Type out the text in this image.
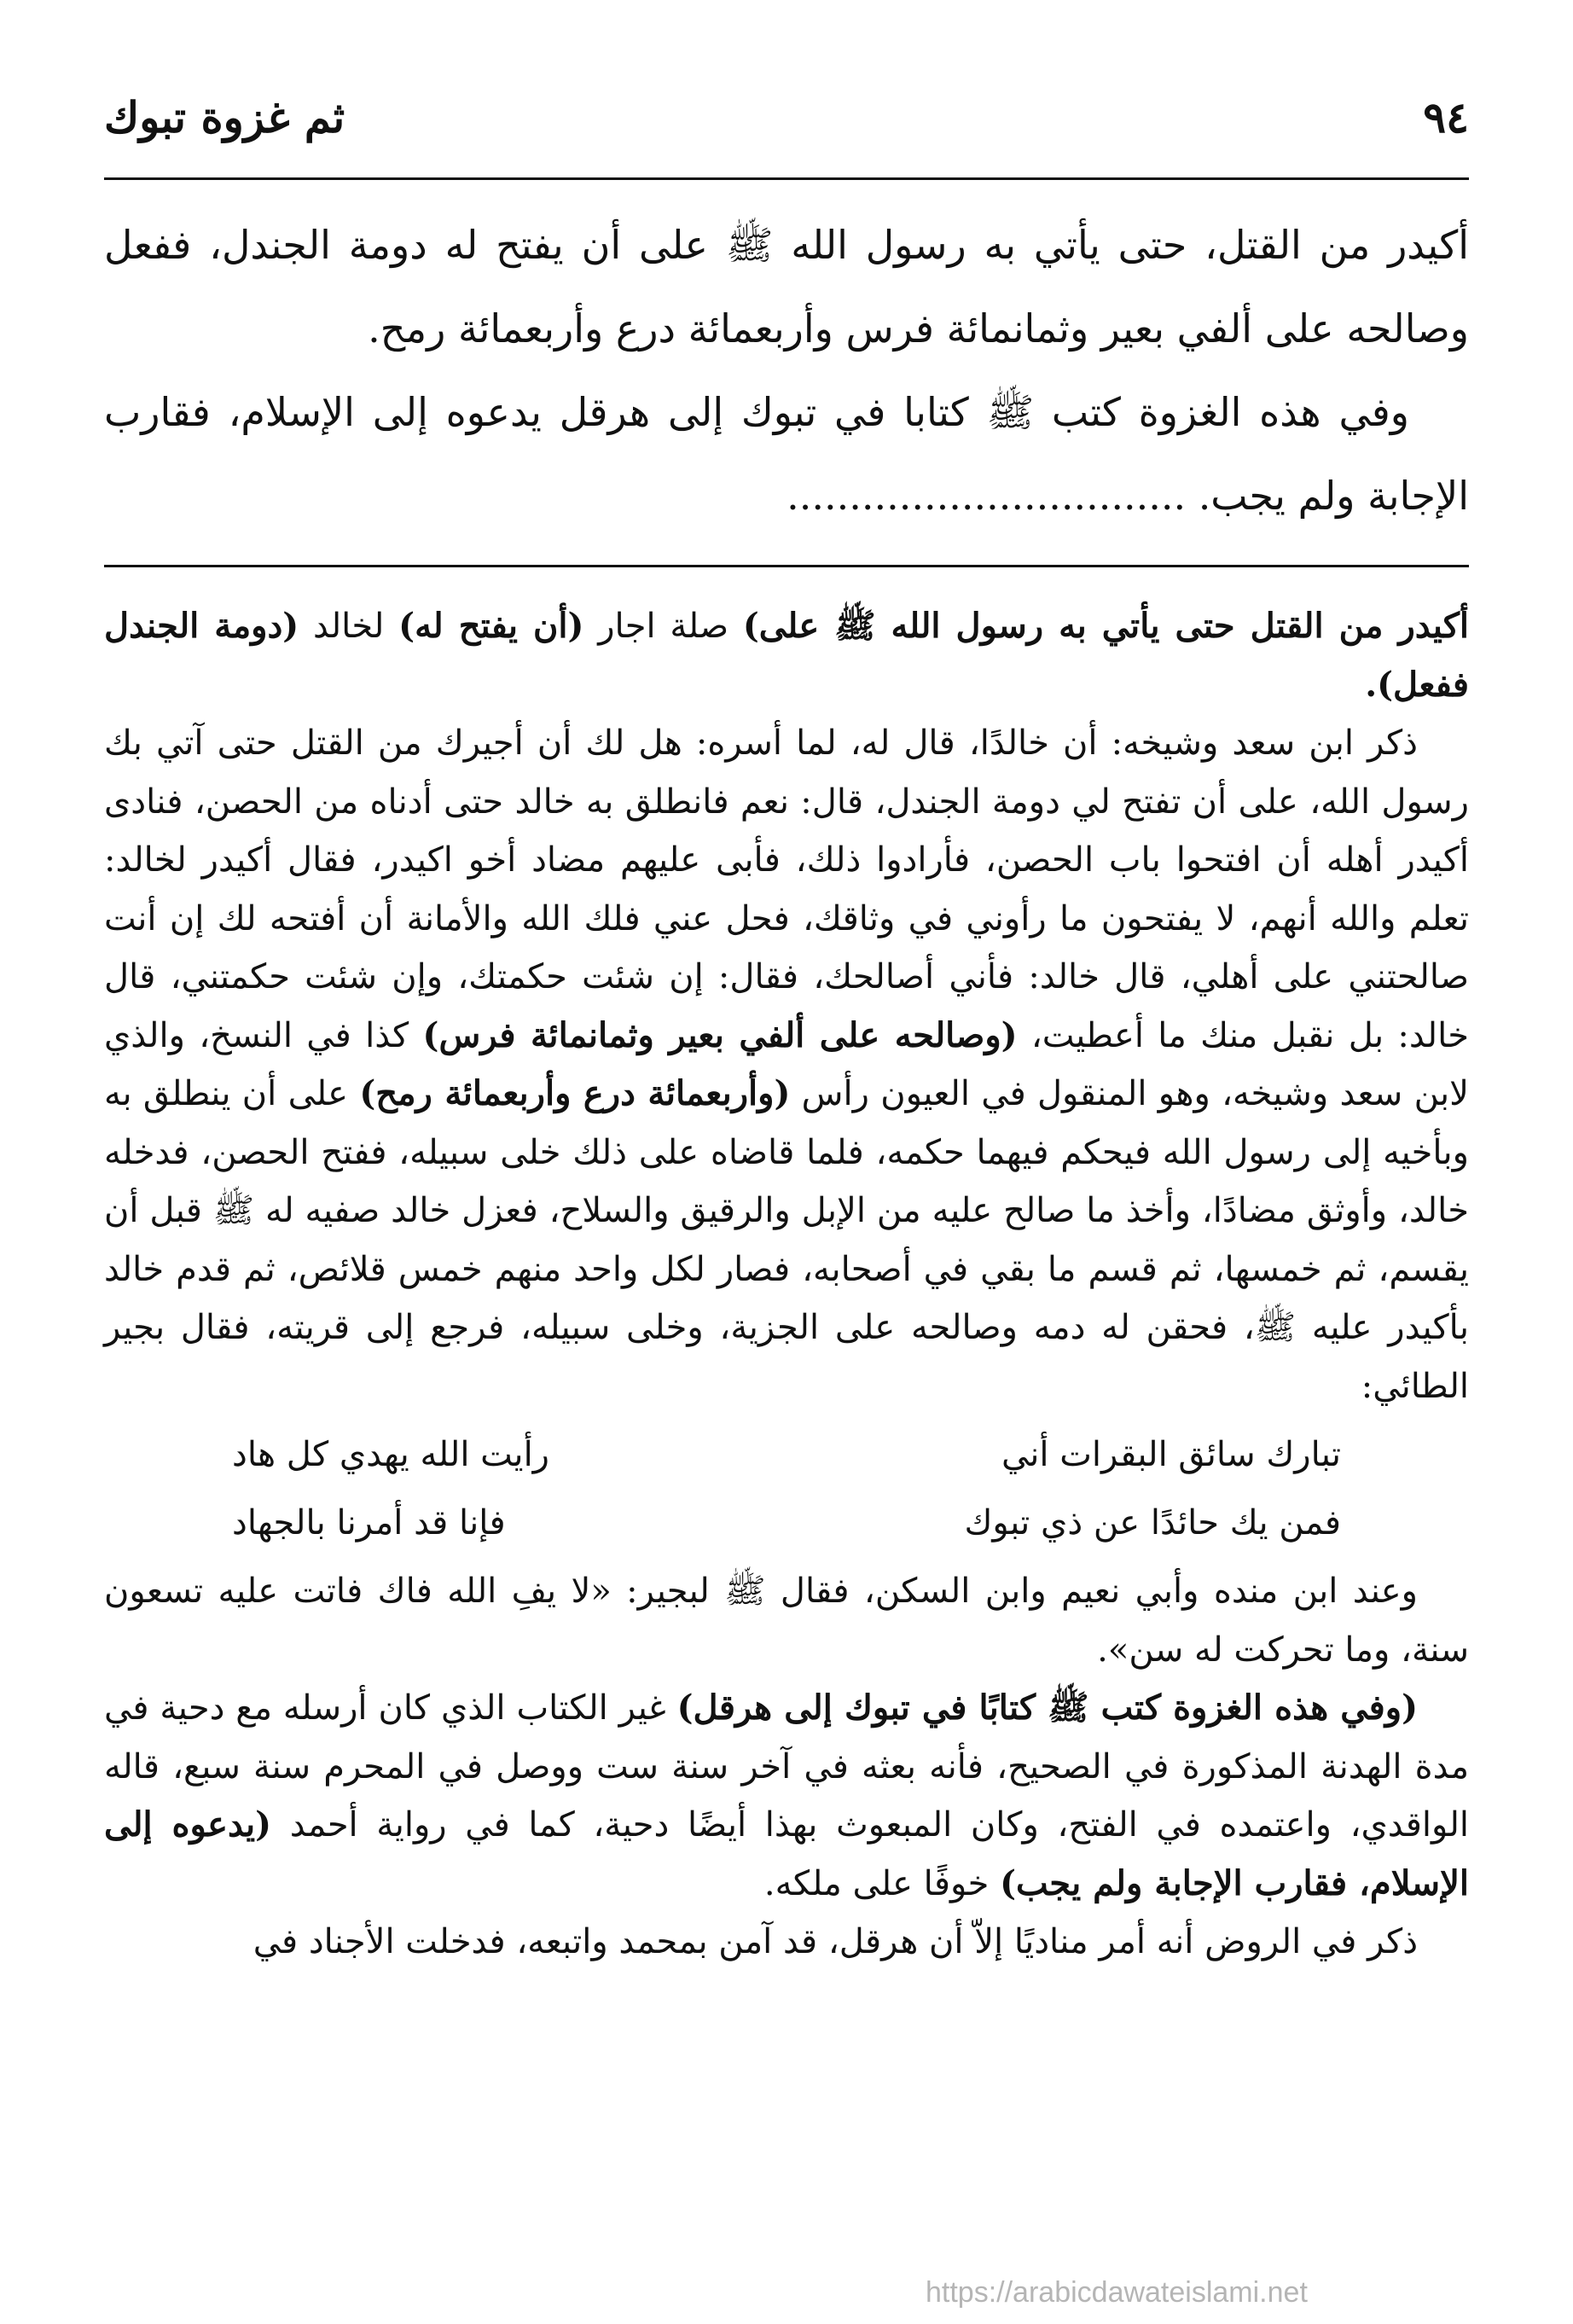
٩٤
ثم غزوة تبوك

أكيدر من القتل، حتى يأتي به رسول الله ﷺ على أن يفتح له دومة الجندل، ففعل وصالحه على ألفي بعير وثمانمائة فرس وأربعمائة درع وأربعمائة رمح.

وفي هذه الغزوة كتب ﷺ كتابا في تبوك إلى هرقل يدعوه إلى الإسلام، فقارب الإجابة ولم يجب. ................................

أكيدر من القتل حتى يأتي به رسول الله ﷺ على) صلة اجار (أن يفتح له) لخالد (دومة الجندل ففعل).

ذكر ابن سعد وشيخه: أن خالدًا، قال له، لما أسره: هل لك أن أجيرك من القتل حتى آتي بك رسول الله، على أن تفتح لي دومة الجندل، قال: نعم فانطلق به خالد حتى أدناه من الحصن، فنادى أكيدر أهله أن افتحوا باب الحصن، فأرادوا ذلك، فأبى عليهم مضاد أخو اكيدر، فقال أكيدر لخالد: تعلم والله أنهم، لا يفتحون ما رأوني في وثاقك، فحل عني فلك الله والأمانة أن أفتحه لك إن أنت صالحتني على أهلي، قال خالد: فأني أصالحك، فقال: إن شئت حكمتك، وإن شئت حكمتني، قال خالد: بل نقبل منك ما أعطيت، (وصالحه على ألفي بعير وثمانمائة فرس) كذا في النسخ، والذي لابن سعد وشيخه، وهو المنقول في العيون رأس (وأربعمائة درع وأربعمائة رمح) على أن ينطلق به وبأخيه إلى رسول الله فيحكم فيهما حكمه، فلما قاضاه على ذلك خلى سبيله، ففتح الحصن، فدخله خالد، وأوثق مضادًا، وأخذ ما صالح عليه من الإبل والرقيق والسلاح، فعزل خالد صفيه له ﷺ قبل أن يقسم، ثم خمسها، ثم قسم ما بقي في أصحابه، فصار لكل واحد منهم خمس قلائص، ثم قدم خالد بأكيدر عليه ﷺ، فحقن له دمه وصالحه على الجزية، وخلى سبيله، فرجع إلى قريته، فقال بجير الطائي:

تبارك سائق البقرات أني
رأيت الله يهدي كل هاد
فمن يك حائدًا عن ذي تبوك
فإنا قد أمرنا بالجهاد

وعند ابن منده وأبي نعيم وابن السكن، فقال ﷺ لبجير: «لا يفِ الله فاك فاتت عليه تسعون سنة، وما تحركت له سن».

(وفي هذه الغزوة كتب ﷺ كتابًا في تبوك إلى هرقل) غير الكتاب الذي كان أرسله مع دحية في مدة الهدنة المذكورة في الصحيح، فأنه بعثه في آخر سنة ست ووصل في المحرم سنة سبع، قاله الواقدي، واعتمده في الفتح، وكان المبعوث بهذا أيضًا دحية، كما في رواية أحمد (يدعوه إلى الإسلام، فقارب الإجابة ولم يجب) خوفًا على ملكه.

ذكر في الروض أنه أمر مناديًا إلاّ أن هرقل، قد آمن بمحمد واتبعه، فدخلت الأجناد في

https://arabicdawateislami.net
